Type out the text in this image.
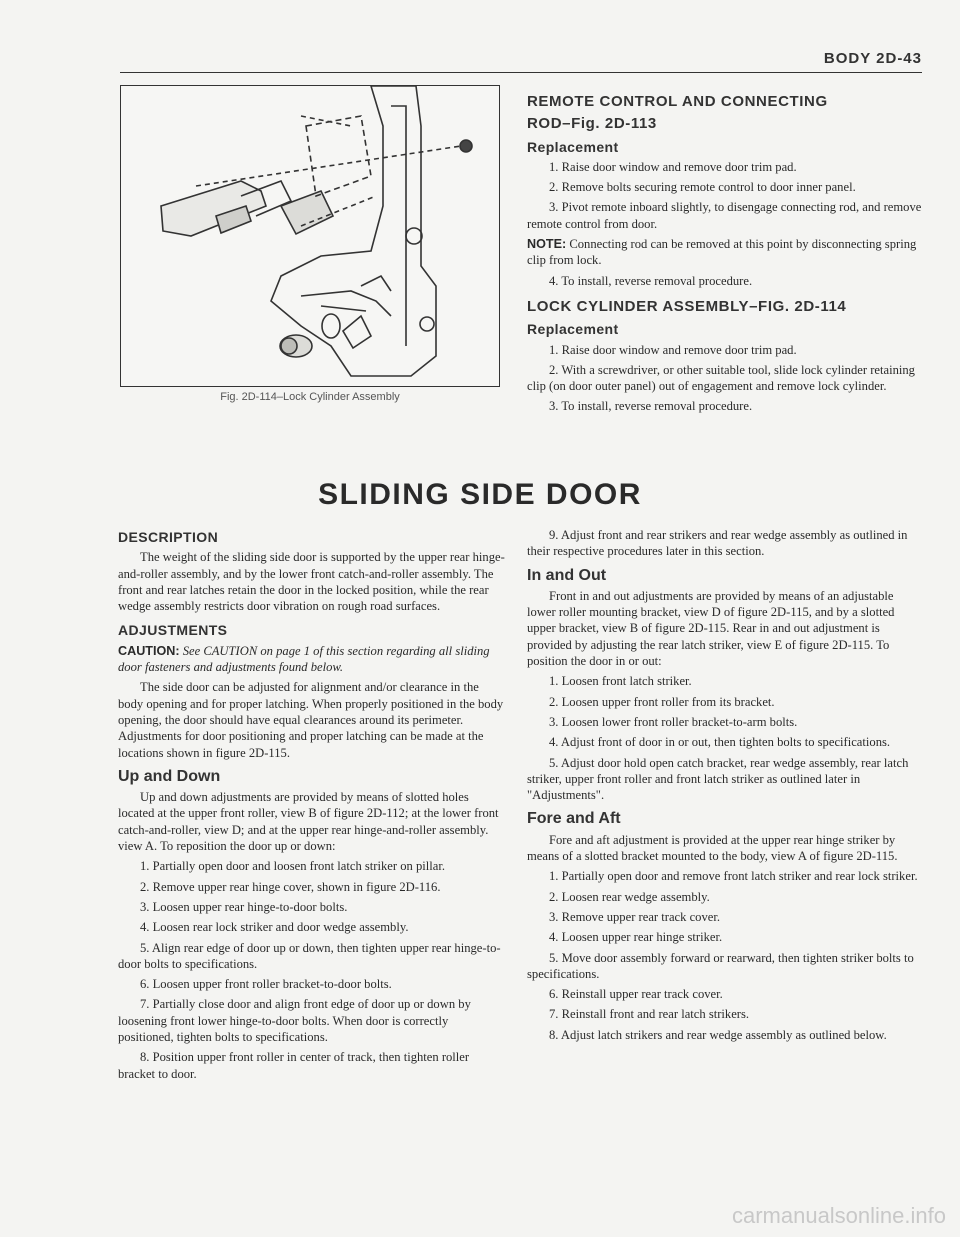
BODY 2D-43
Fig. 2D-114–Lock Cylinder Assembly
REMOTE CONTROL AND CONNECTING
ROD–Fig. 2D-113
Replacement

1. Raise door window and remove door trim pad.

2. Remove bolts securing remote control to door inner panel.

3. Pivot remote inboard slightly, to disengage connecting rod, and remove remote control from door.

NOTE: Connecting rod can be removed at this point by disconnecting spring clip from lock.

4. To install, reverse removal procedure.

LOCK CYLINDER ASSEMBLY–FIG. 2D-114
Replacement

1. Raise door window and remove door trim pad.

2. With a screwdriver, or other suitable tool, slide lock cylinder retaining clip (on door outer panel) out of engagement and remove lock cylinder.

3. To install, reverse removal procedure.

SLIDING SIDE DOOR
DESCRIPTION

The weight of the sliding side door is supported by the upper rear hinge-and-roller assembly, and by the lower front catch-and-roller assembly. The front and rear latches retain the door in the locked position, while the rear wedge assembly restricts door vibration on rough road surfaces.

ADJUSTMENTS

CAUTION: See CAUTION on page 1 of this section regarding all sliding door fasteners and adjustments found below.

The side door can be adjusted for alignment and/or clearance in the body opening and for proper latching. When properly positioned in the body opening, the door should have equal clearances around its perimeter. Adjustments for door positioning and proper latching can be made at the locations shown in figure 2D-115.

Up and Down

Up and down adjustments are provided by means of slotted holes located at the upper front roller, view B of figure 2D-112; at the lower front catch-and-roller, view D; and at the upper rear hinge-and-roller assembly. view A. To reposition the door up or down:

1. Partially open door and loosen front latch striker on pillar.

2. Remove upper rear hinge cover, shown in figure 2D-116.

3. Loosen upper rear hinge-to-door bolts.

4. Loosen rear lock striker and door wedge assembly.

5. Align rear edge of door up or down, then tighten upper rear hinge-to-door bolts to specifications.

6. Loosen upper front roller bracket-to-door bolts.

7. Partially close door and align front edge of door up or down by loosening front lower hinge-to-door bolts. When door is correctly positioned, tighten bolts to specifications.

8. Position upper front roller in center of track, then tighten roller bracket to door.

9. Adjust front and rear strikers and rear wedge assembly as outlined in their respective procedures later in this section.

In and Out

Front in and out adjustments are provided by means of an adjustable lower roller mounting bracket, view D of figure 2D-115, and by a slotted upper bracket, view B of figure 2D-115. Rear in and out adjustment is provided by adjusting the rear latch striker, view E of figure 2D-115. To position the door in or out:

1. Loosen front latch striker.

2. Loosen upper front roller from its bracket.

3. Loosen lower front roller bracket-to-arm bolts.

4. Adjust front of door in or out, then tighten bolts to specifications.

5. Adjust door hold open catch bracket, rear wedge assembly, rear latch striker, upper front roller and front latch striker as outlined later in "Adjustments".

Fore and Aft

Fore and aft adjustment is provided at the upper rear hinge striker by means of a slotted bracket mounted to the body, view A of figure 2D-115.

1. Partially open door and remove front latch striker and rear lock striker.

2. Loosen rear wedge assembly.

3. Remove upper rear track cover.

4. Loosen upper rear hinge striker.

5. Move door assembly forward or rearward, then tighten striker bolts to specifications.

6. Reinstall upper rear track cover.

7. Reinstall front and rear latch strikers.

8. Adjust latch strikers and rear wedge assembly as outlined below.

carmanualsonline.info
